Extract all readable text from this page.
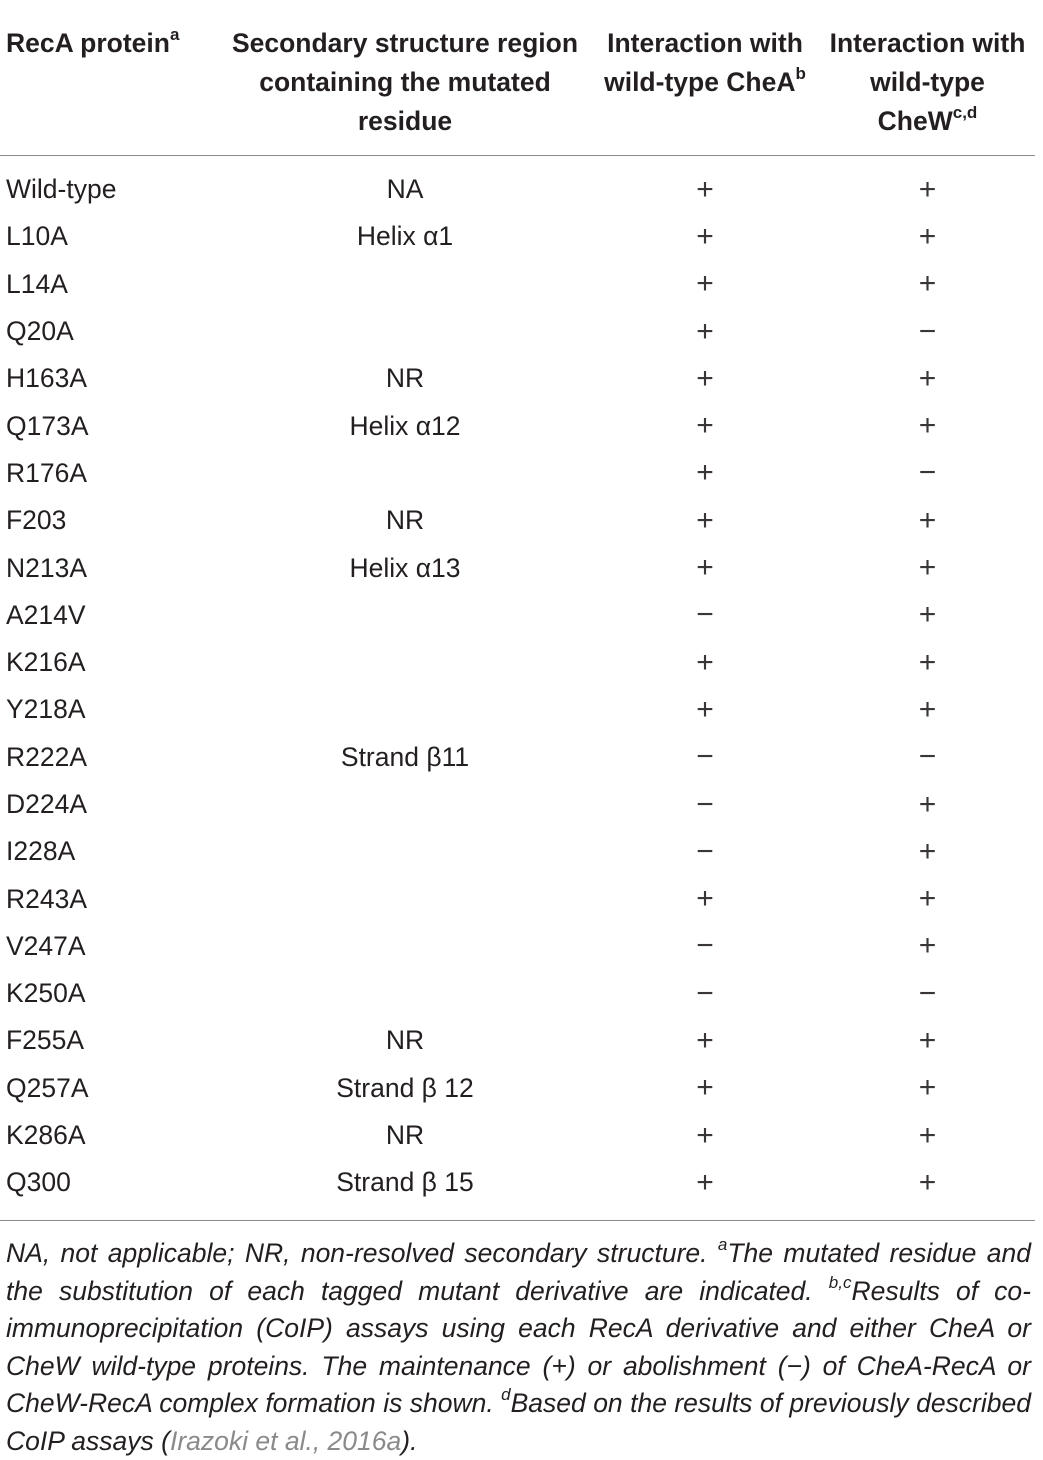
RecA protein$^a$	Secondary structure region containing the mutated residue	Interaction with wild-type CheA$^b$	Interaction with wild-type CheW$^{c,d}$
Wild-type	NA	+	+
L10A	Helix α1	+	+
L14A		+	+
Q20A		+	−
H163A	NR	+	+
Q173A	Helix α12	+	+
R176A		+	−
F203	NR	+	+
N213A	Helix α13	+	+
A214V		−	+
K216A		+	+
Y218A		+	+
R222A	Strand β11	−	−
D224A		−	+
I228A		−	+
R243A		+	+
V247A		−	+
K250A		−	−
F255A	NR	+	+
Q257A	Strand β 12	+	+
K286A	NR	+	+
Q300	Strand β 15	+	+
NA, not applicable; NR, non-resolved secondary structure. $^a$The mutated residue and the substitution of each tagged mutant derivative are indicated. $^{b,c}$Results of co-immunoprecipitation (CoIP) assays using each RecA derivative and either CheA or CheW wild-type proteins. The maintenance (+) or abolishment (−) of CheA-RecA or CheW-RecA complex formation is shown. $^d$Based on the results of previously described CoIP assays (Irazoki et al., 2016a).
